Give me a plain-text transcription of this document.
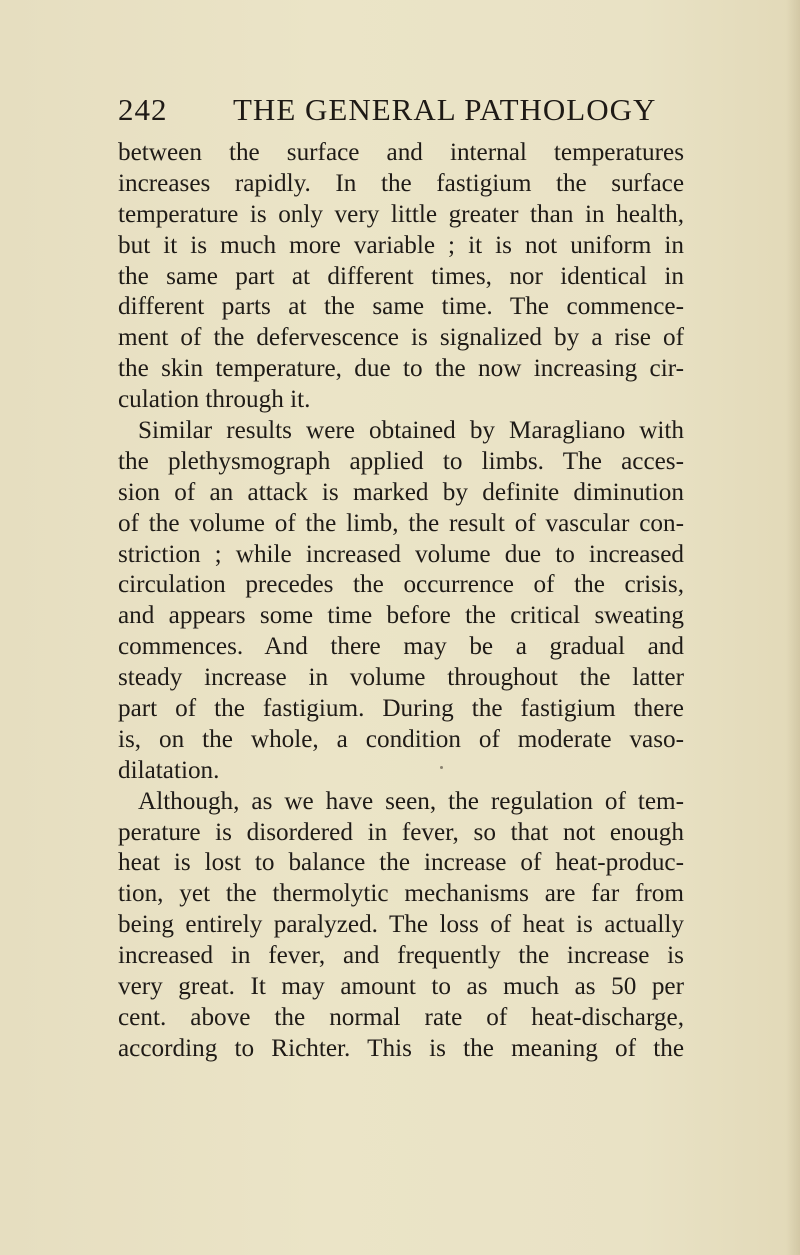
242 THE GENERAL PATHOLOGY
between the surface and internal temperatures
increases rapidly. In the fastigium the surface
temperature is only very little greater than in health,
but it is much more variable ; it is not uniform in
the same part at different times, nor identical in
different parts at the same time. The commence-
ment of the defervescence is signalized by a rise of
the skin temperature, due to the now increasing cir-
culation through it.
Similar results were obtained by Maragliano with
the plethysmograph applied to limbs. The acces-
sion of an attack is marked by definite diminution
of the volume of the limb, the result of vascular con-
striction ; while increased volume due to increased
circulation precedes the occurrence of the crisis,
and appears some time before the critical sweating
commences. And there may be a gradual and
steady increase in volume throughout the latter
part of the fastigium. During the fastigium there
is, on the whole, a condition of moderate vaso-
dilatation.
Although, as we have seen, the regulation of tem-
perature is disordered in fever, so that not enough
heat is lost to balance the increase of heat-produc-
tion, yet the thermolytic mechanisms are far from
being entirely paralyzed. The loss of heat is actually
increased in fever, and frequently the increase is
very great. It may amount to as much as 50 per
cent. above the normal rate of heat-discharge,
according to Richter. This is the meaning of the
